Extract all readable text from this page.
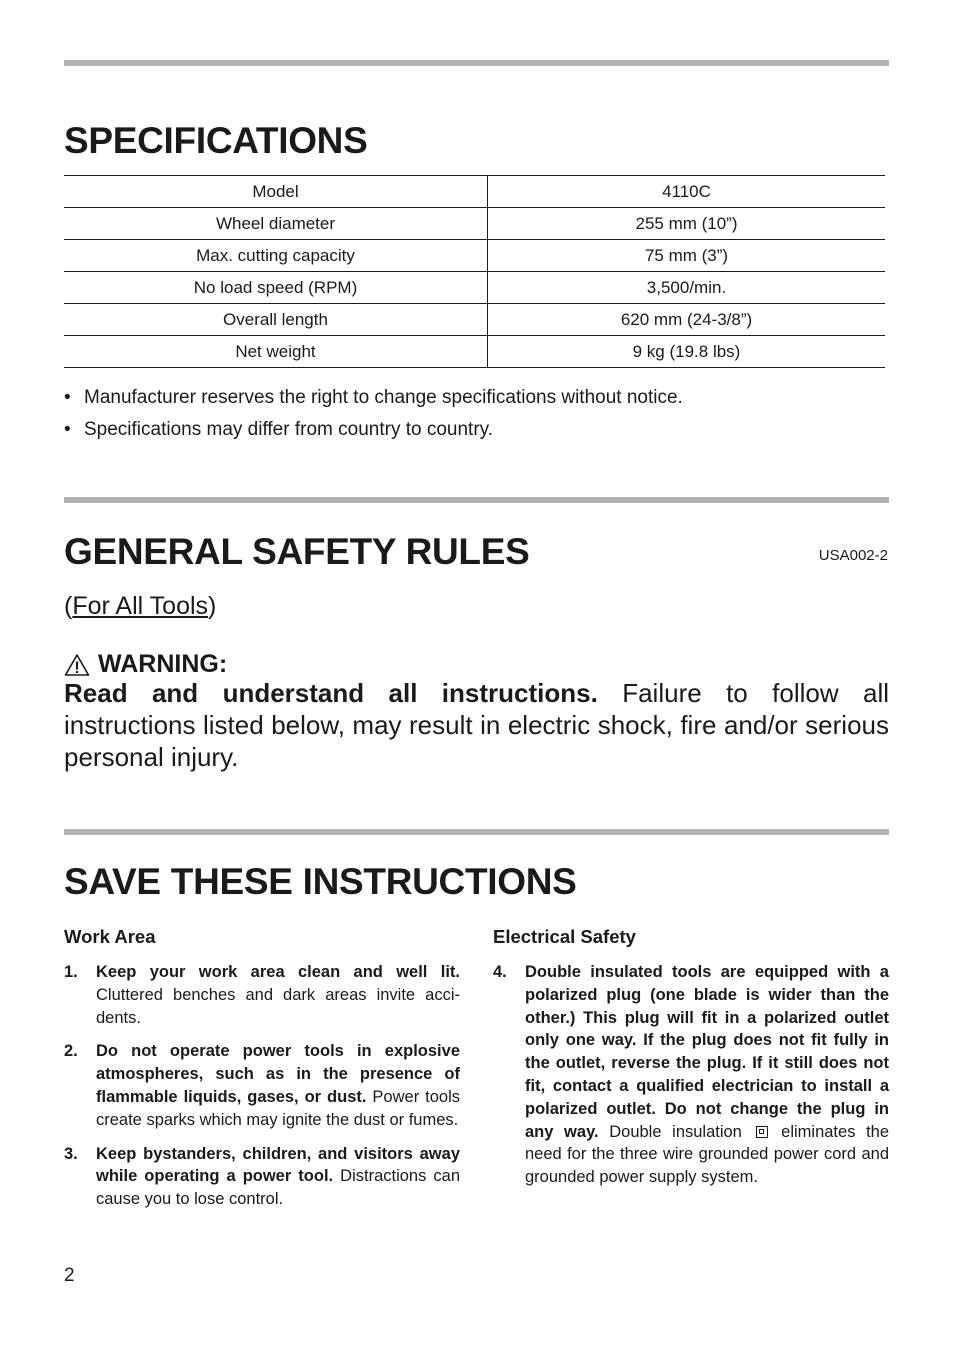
SPECIFICATIONS
Model	4110C
Wheel diameter	255 mm (10”)
Max. cutting capacity	75 mm (3”)
No load speed (RPM)	3,500/min.
Overall length	620 mm (24-3/8”)
Net weight	9 kg (19.8 lbs)
• Manufacturer reserves the right to change specifications without notice.
• Specifications may differ from country to country.
GENERAL SAFETY RULES	USA002-2
(For All Tools)
WARNING:

Read and understand all instructions. Failure to follow all instructions listed below, may result in electric shock, fire and/or serious personal injury.

SAVE THESE INSTRUCTIONS
Work Area
1. Keep your work area clean and well lit. Cluttered benches and dark areas invite accidents.
2. Do not operate power tools in explosive atmospheres, such as in the presence of flammable liquids, gases, or dust. Power tools create sparks which may ignite the dust or fumes.
3. Keep bystanders, children, and visitors away while operating a power tool. Distractions can cause you to lose control.
Electrical Safety
4. Double insulated tools are equipped with a polarized plug (one blade is wider than the other.) This plug will fit in a polarized outlet only one way. If the plug does not fit fully in the outlet, reverse the plug. If it still does not fit, contact a qualified electrician to install a polarized outlet. Do not change the plug in any way. Double insulation eliminates the need for the three wire grounded power cord and grounded power supply system.
2
